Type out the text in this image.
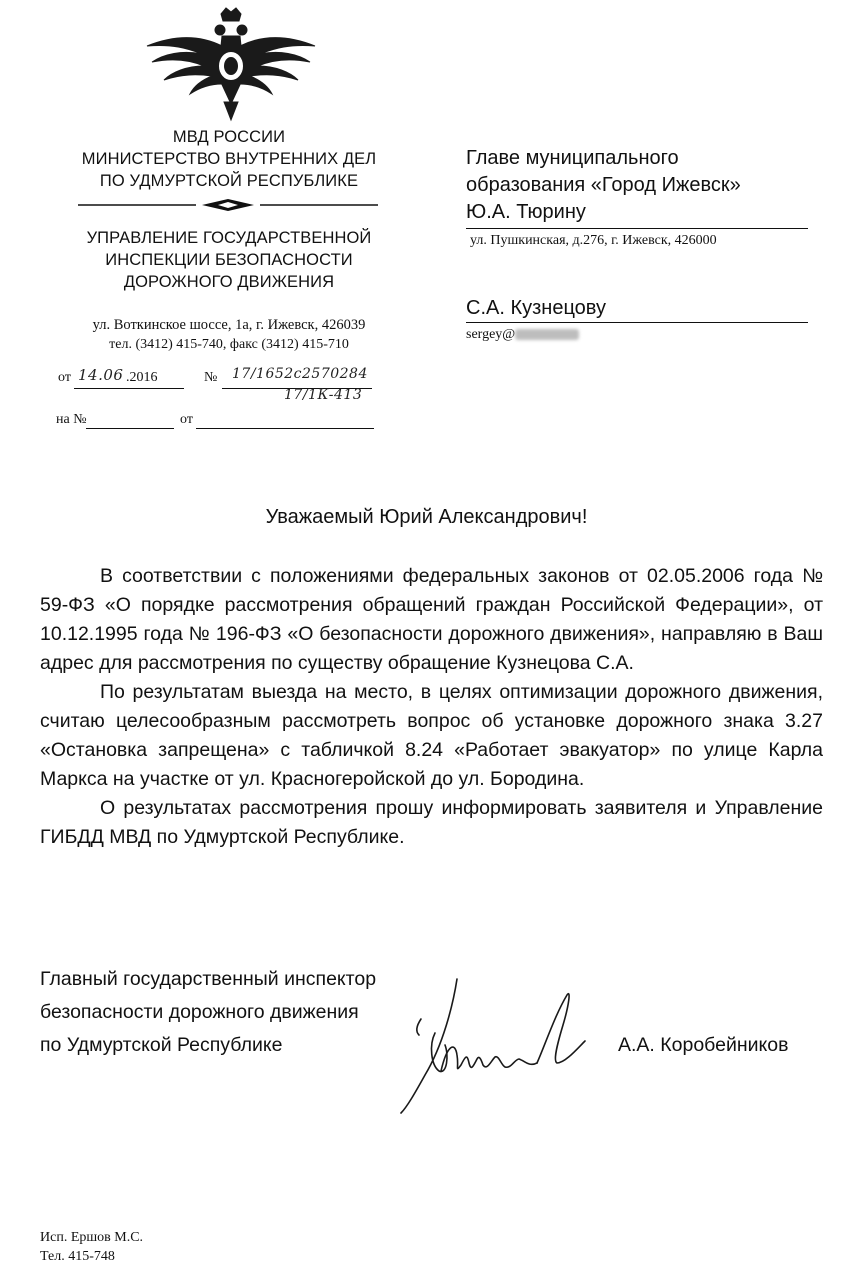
МВД РОССИИ
МИНИСТЕРСТВО ВНУТРЕННИХ ДЕЛ
ПО УДМУРТСКОЙ РЕСПУБЛИКЕ
УПРАВЛЕНИЕ ГОСУДАРСТВЕННОЙ
ИНСПЕКЦИИ БЕЗОПАСНОСТИ
ДОРОЖНОГО ДВИЖЕНИЯ
ул. Воткинское шоссе, 1а, г. Ижевск, 426039
тел. (3412) 415-740, факс (3412) 415-710
от 14.06 .2016	№ 17/1652с2570284
17/1К-413
на №	от
Главе муниципального
образования «Город Ижевск»
Ю.А. Тюрину
ул. Пушкинская, д.276, г. Ижевск, 426000
С.А. Кузнецову
sergey@
Уважаемый Юрий Александрович!

В соответствии с положениями федеральных законов от 02.05.2006 года № 59-ФЗ «О порядке рассмотрения обращений граждан Российской Федерации», от 10.12.1995 года № 196-ФЗ «О безопасности дорожного движения», направляю в Ваш адрес для рассмотрения по существу обращение Кузнецова С.А.

По результатам выезда на место, в целях оптимизации дорожного движения, считаю целесообразным рассмотреть вопрос об установке дорожного знака 3.27 «Остановка запрещена» с табличкой 8.24 «Работает эвакуатор» по улице Карла Маркса на участке от ул. Красногеройской до ул. Бородина.

О результатах рассмотрения прошу информировать заявителя и Управление ГИБДД МВД по Удмуртской Республике.

Главный государственный инспектор
безопасности дорожного движения
по Удмуртской Республике	А.А. Коробейников
Исп. Ершов М.С.
Тел. 415-748
